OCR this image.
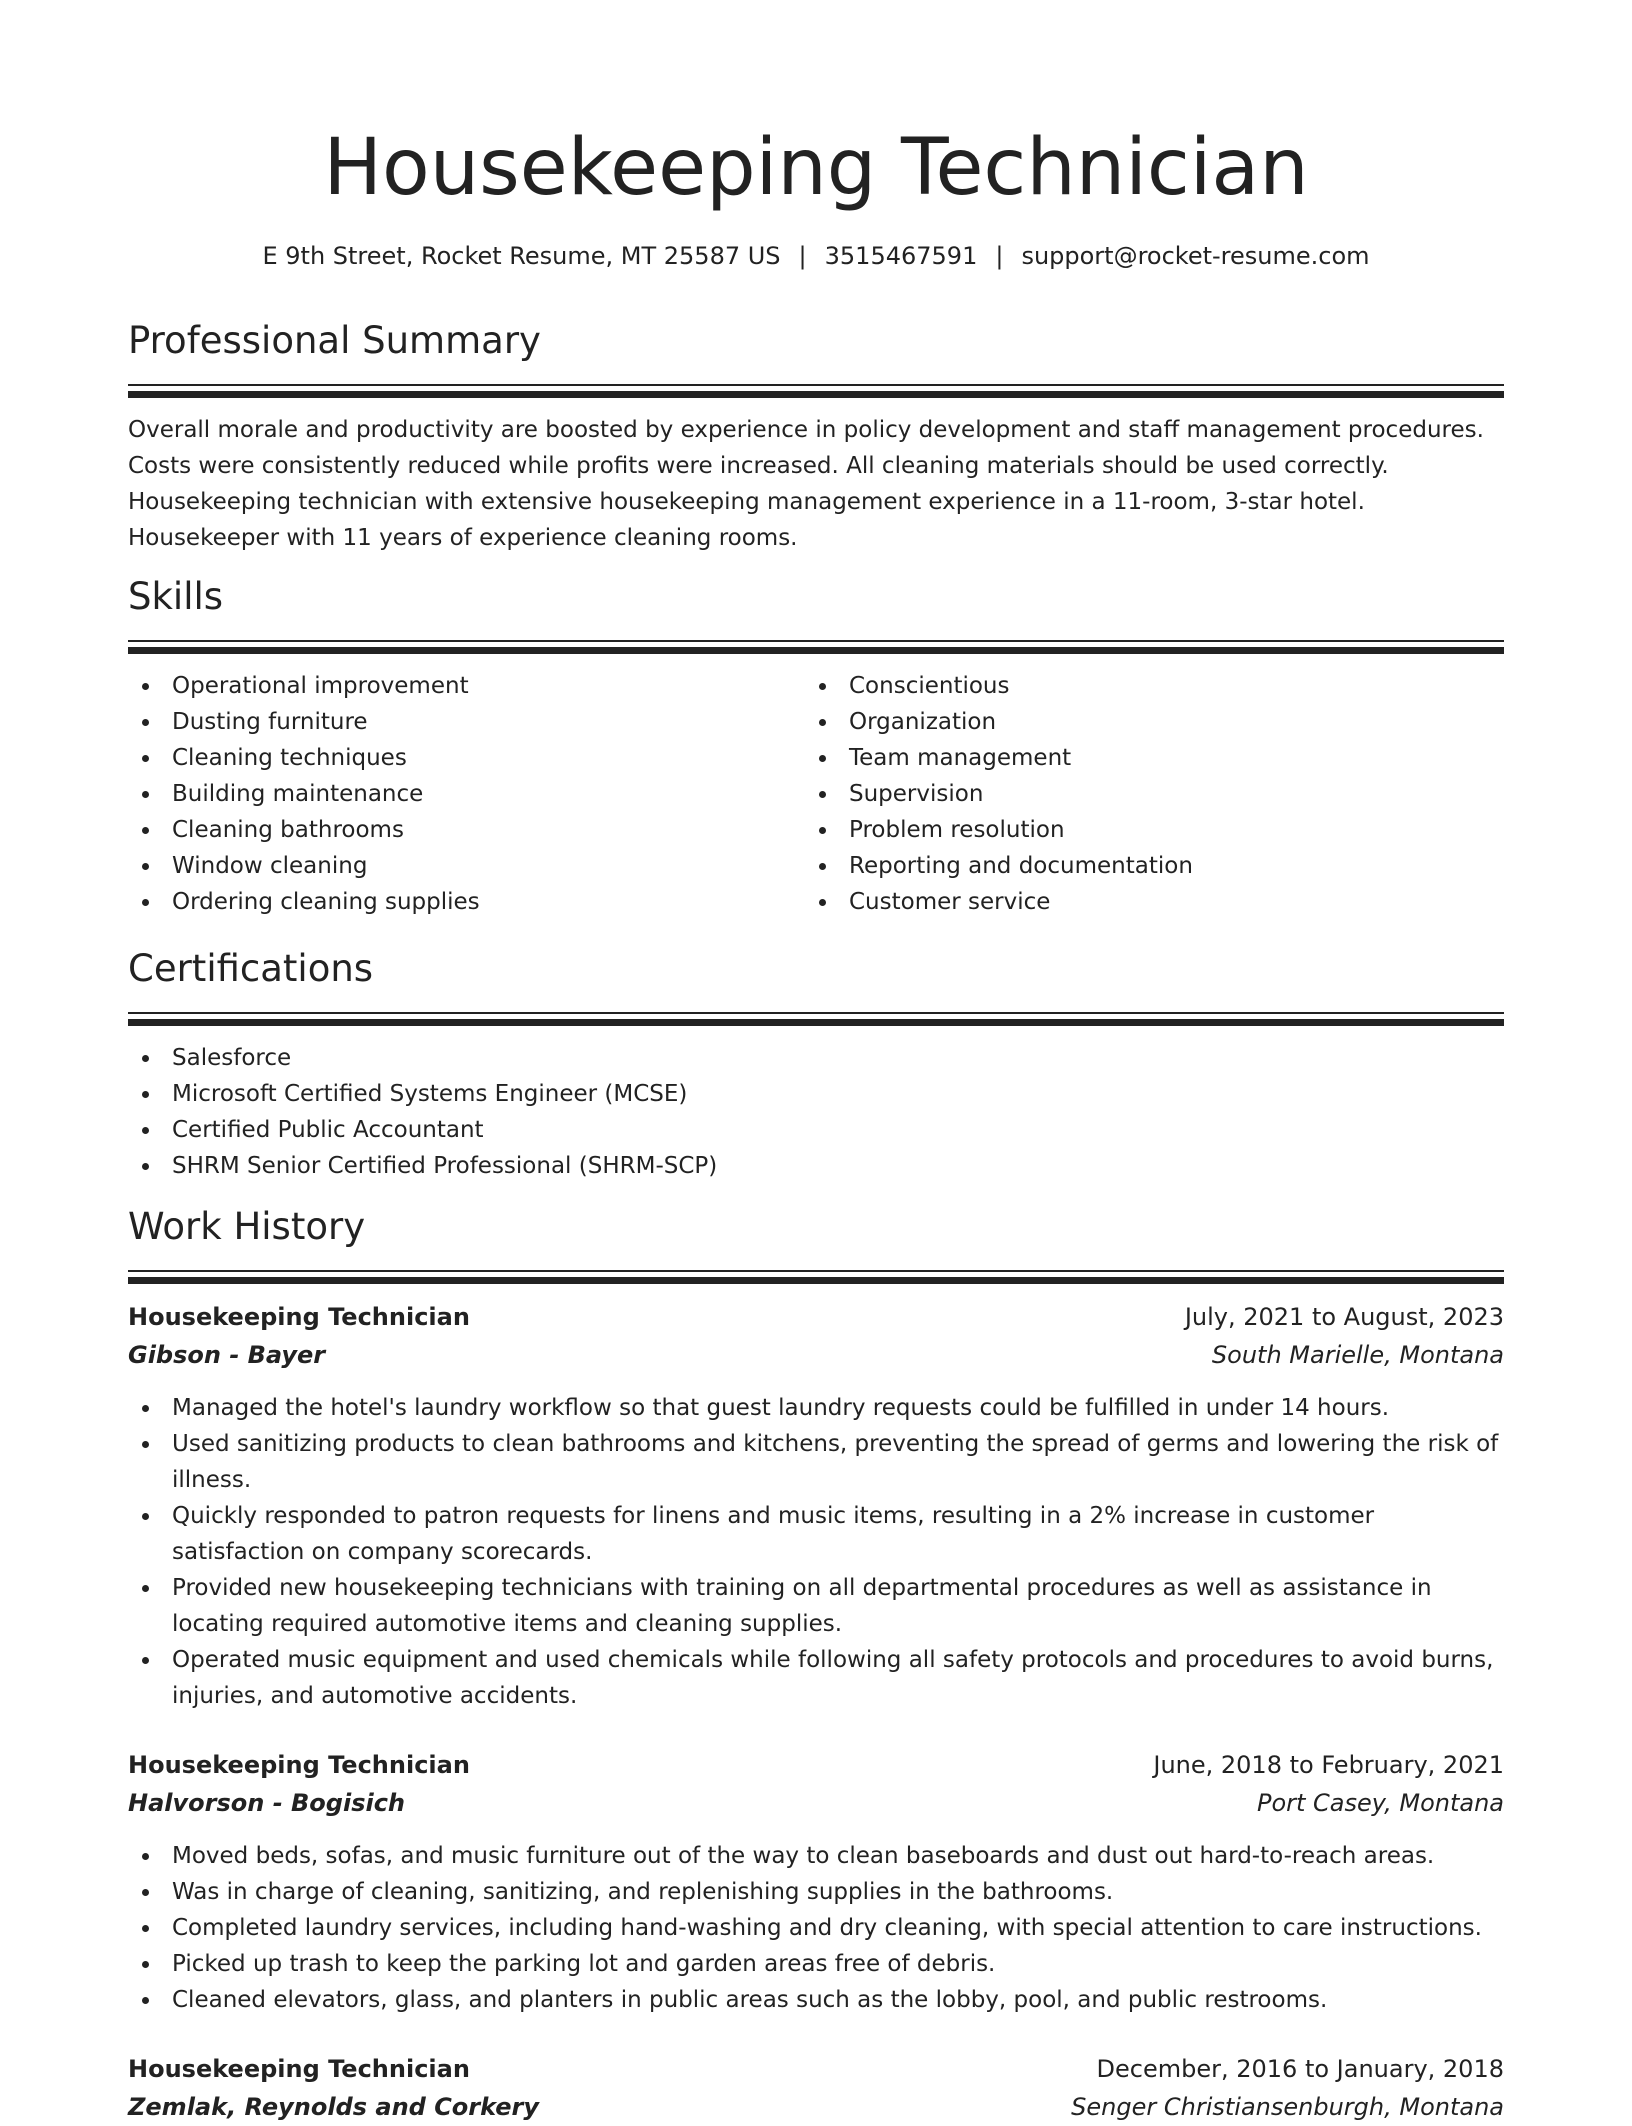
Housekeeping Technician
E 9th Street, Rocket Resume, MT 25587 US | 3515467591 | support@rocket-resume.com
Professional Summary

Overall morale and productivity are boosted by experience in policy development and staff management procedures. Costs were consistently reduced while profits were increased. All cleaning materials should be used correctly. Housekeeping technician with extensive housekeeping management experience in a 11-room, 3-star hotel. Housekeeper with 11 years of experience cleaning rooms.

Skills
Operational improvement
Dusting furniture
Cleaning techniques
Building maintenance
Cleaning bathrooms
Window cleaning
Ordering cleaning supplies
Conscientious
Organization
Team management
Supervision
Problem resolution
Reporting and documentation
Customer service
Certifications
Salesforce
Microsoft Certified Systems Engineer (MCSE)
Certified Public Accountant
SHRM Senior Certified Professional (SHRM-SCP)
Work History
Housekeeping Technician	July, 2021 to August, 2023
Gibson - Bayer	South Marielle, Montana
Managed the hotel's laundry workflow so that guest laundry requests could be fulfilled in under 14 hours.
Used sanitizing products to clean bathrooms and kitchens, preventing the spread of germs and lowering the risk of illness.
Quickly responded to patron requests for linens and music items, resulting in a 2% increase in customer satisfaction on company scorecards.
Provided new housekeeping technicians with training on all departmental procedures as well as assistance in locating required automotive items and cleaning supplies.
Operated music equipment and used chemicals while following all safety protocols and procedures to avoid burns, injuries, and automotive accidents.
Housekeeping Technician	June, 2018 to February, 2021
Halvorson - Bogisich	Port Casey, Montana
Moved beds, sofas, and music furniture out of the way to clean baseboards and dust out hard-to-reach areas.
Was in charge of cleaning, sanitizing, and replenishing supplies in the bathrooms.
Completed laundry services, including hand-washing and dry cleaning, with special attention to care instructions.
Picked up trash to keep the parking lot and garden areas free of debris.
Cleaned elevators, glass, and planters in public areas such as the lobby, pool, and public restrooms.
Housekeeping Technician	December, 2016 to January, 2018
Zemlak, Reynolds and Corkery	Senger Christiansenburgh, Montana
